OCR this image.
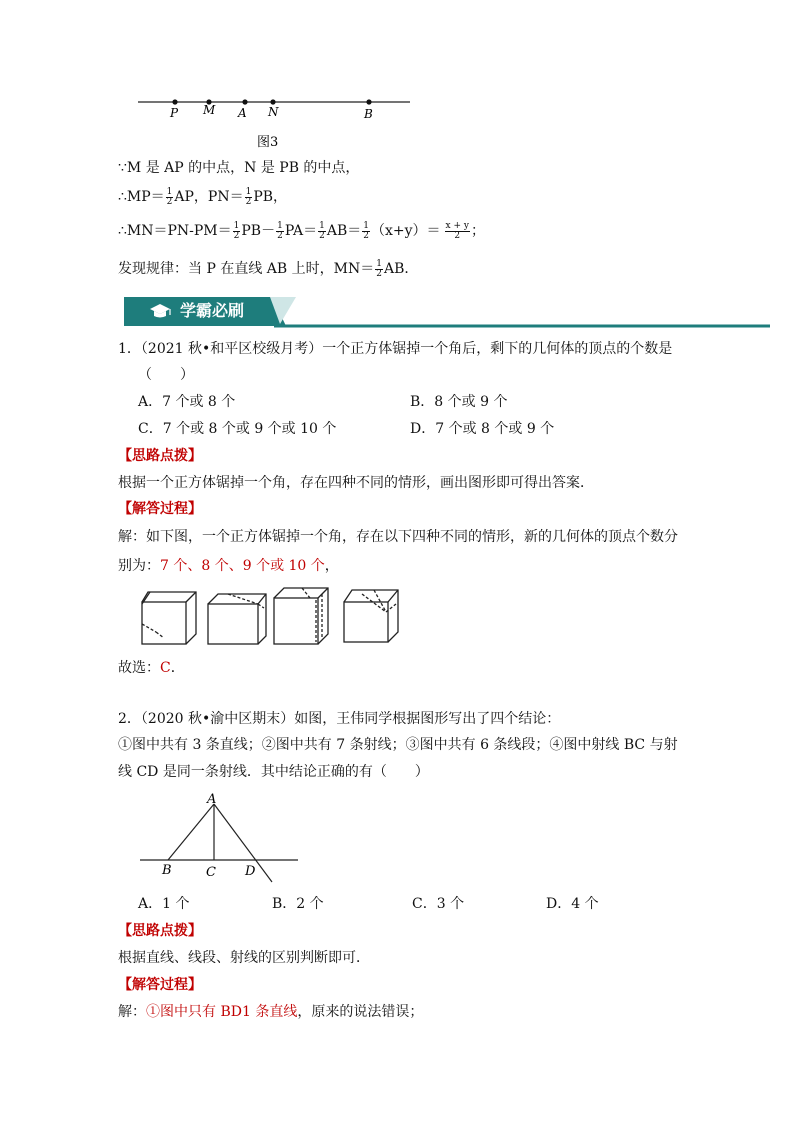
P M A N	B
图3
∵M 是 AP 的中点，N 是 PB 的中点，
∴MP＝ $\frac{1}{2}$ AP，$PN= \frac{1}{2}$ PB，
∴MN＝PN-PM＝ $\frac{1}{2} PB- \frac{1}{2} PA= \frac{1}{2} AB= \frac{1}{2} (x+y)= \frac{x + y}{2}$ ；
发现规律：当 P 在直线 AB 上时，$MN= \frac{1}{2}$ AB．
学霸必刷
1．（2021 秋•和平区校级月考）一个正方体锯掉一个角后，剩下的几何体的顶点的个数是
（　　）
A．7 个或 8 个	B．8 个或 9 个
C．7 个或 8 个或 9 个或 10 个	D．7 个或 8 个或 9 个
【思路点拨】
根据一个正方体锯掉一个角，存在四种不同的情形，画出图形即可得出答案．
【解答过程】
解：如下图，一个正方体锯掉一个角，存在以下四种不同的情形，新的几何体的顶点个数分
别为：7 个、8 个、9 个或 10 个，
故选：C．
2．（2020 秋•渝中区期末）如图，王伟同学根据图形写出了四个结论：
①图中共有 3 条直线；②图中共有 7 条射线；③图中共有 6 条线段；④图中射线 BC 与射
线 CD 是同一条射线．其中结论正确的有（　　）
A
B	C D
A．1 个	B．2 个	C．3 个	D．4 个
【思路点拨】
根据直线、线段、射线的区别判断即可．
【解答过程】
解：①图中只有 BD1 条直线，原来的说法错误；
